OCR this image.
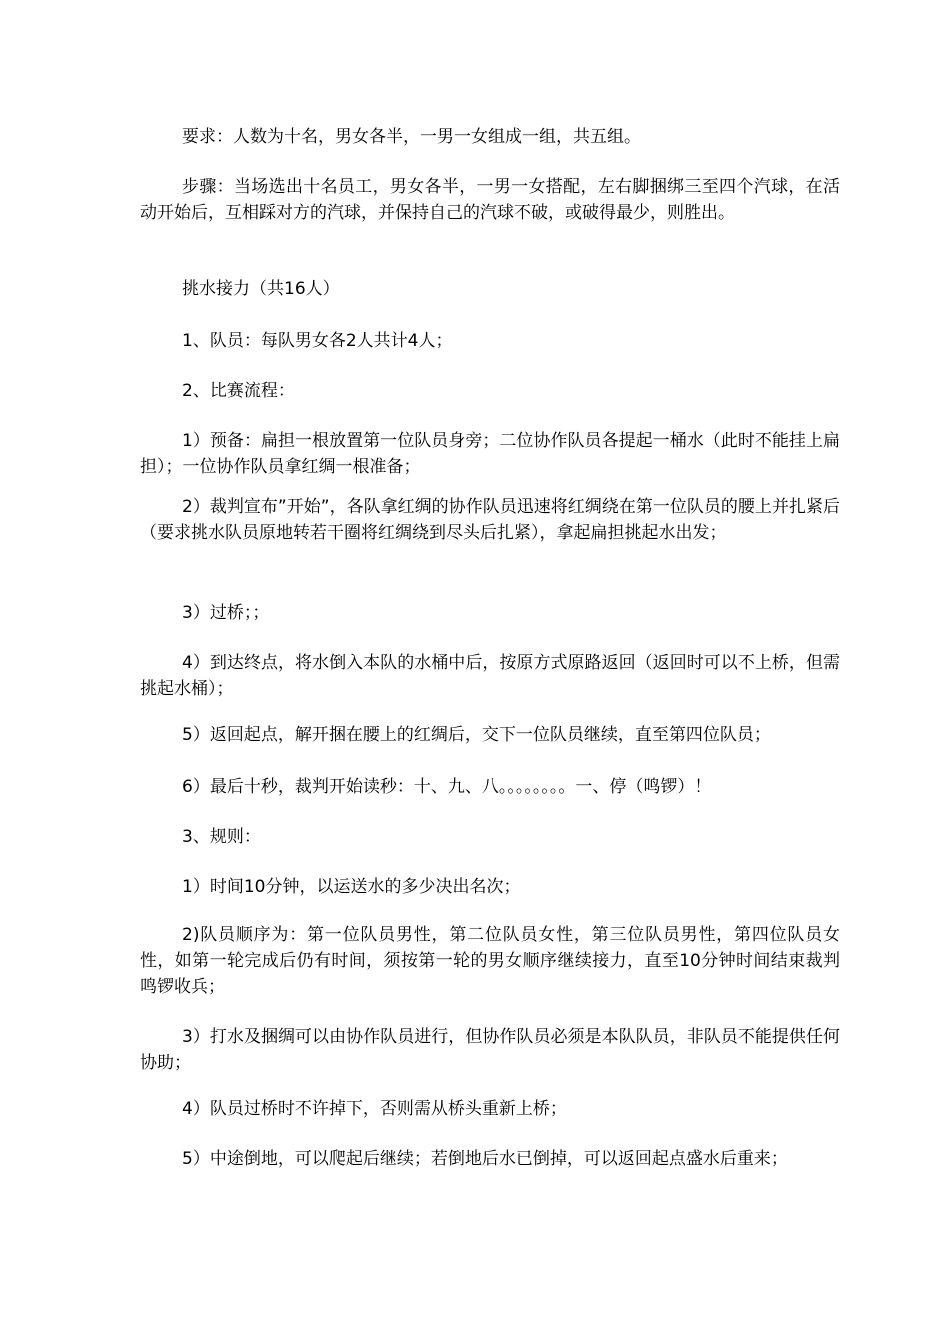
要求：人数为十名，男女各半，一男一女组成一组，共五组。

步骤：当场选出十名员工，男女各半，一男一女搭配，左右脚捆绑三至四个汽球，在活动开始后，互相踩对方的汽球，并保持自己的汽球不破，或破得最少，则胜出。

挑水接力（共16人）

1、队员：每队男女各2人共计4人；

2、比赛流程：

1）预备：扁担一根放置第一位队员身旁；二位协作队员各提起一桶水（此时不能挂上扁担）；一位协作队员拿红绸一根准备；

2）裁判宣布”开始”，各队拿红绸的协作队员迅速将红绸绕在第一位队员的腰上并扎紧后（要求挑水队员原地转若干圈将红绸绕到尽头后扎紧），拿起扁担挑起水出发；

3）过桥；；

4）到达终点，将水倒入本队的水桶中后，按原方式原路返回（返回时可以不上桥，但需挑起水桶）；

5）返回起点，解开捆在腰上的红绸后，交下一位队员继续，直至第四位队员；

6）最后十秒，裁判开始读秒：十、九、八。。。。。。。。一、停（鸣锣）！

3、规则：

1）时间10分钟，以运送水的多少决出名次；

2)队员顺序为：第一位队员男性，第二位队员女性，第三位队员男性，第四位队员女性，如第一轮完成后仍有时间，须按第一轮的男女顺序继续接力，直至10分钟时间结束裁判鸣锣收兵；

3）打水及捆绸可以由协作队员进行，但协作队员必须是本队队员，非队员不能提供任何协助；

4）队员过桥时不许掉下，否则需从桥头重新上桥；

5）中途倒地，可以爬起后继续；若倒地后水已倒掉，可以返回起点盛水后重来；
